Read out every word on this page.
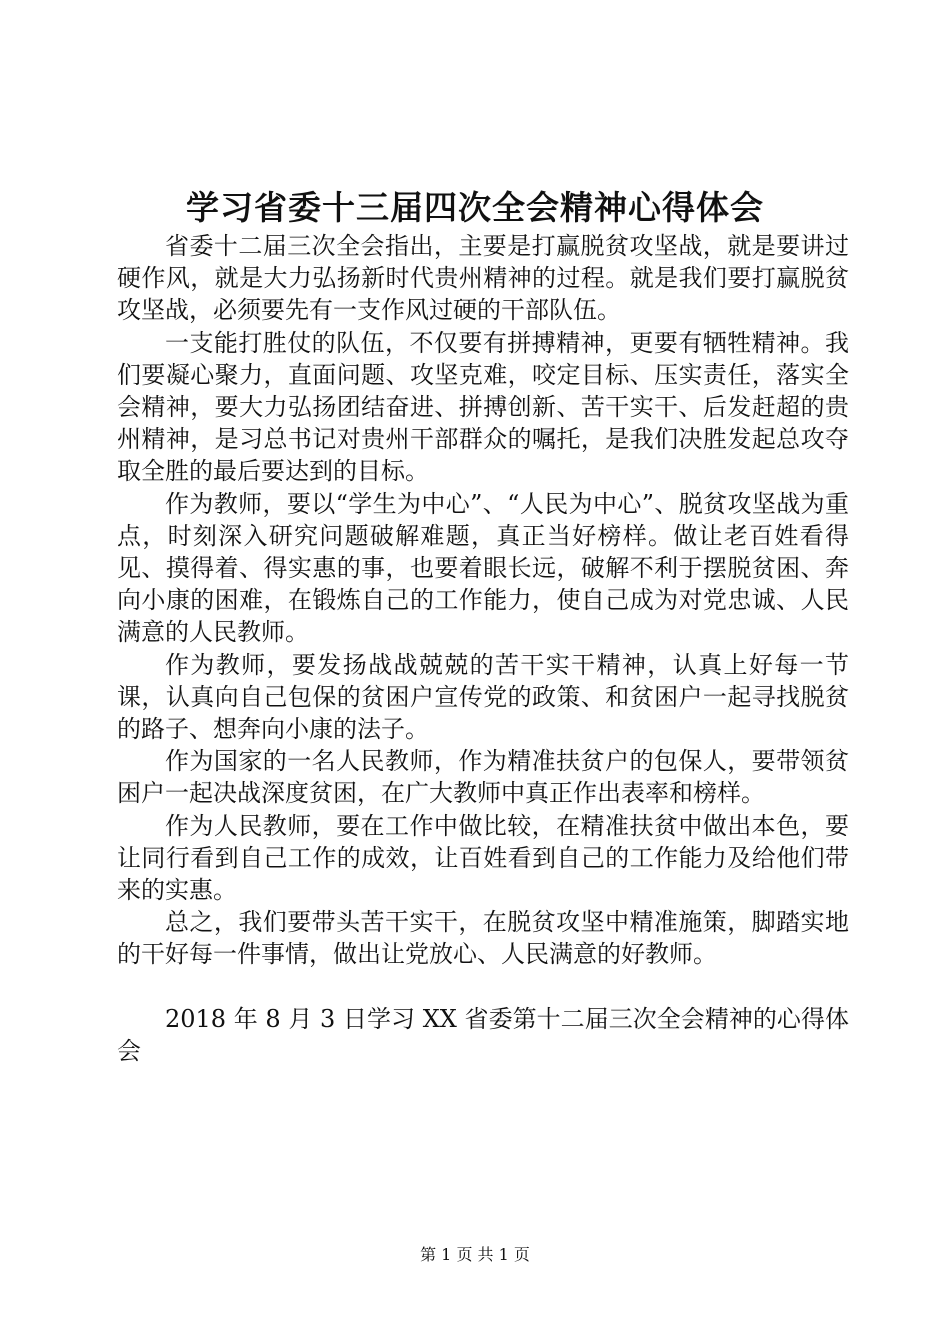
学习省委十三届四次全会精神心得体会

省委十二届三次全会指出，主要是打赢脱贫攻坚战，就是要讲过硬作风，就是大力弘扬新时代贵州精神的过程。就是我们要打赢脱贫攻坚战，必须要先有一支作风过硬的干部队伍。

一支能打胜仗的队伍，不仅要有拼搏精神，更要有牺牲精神。我们要凝心聚力，直面问题、攻坚克难，咬定目标、压实责任，落实全会精神，要大力弘扬团结奋进、拼搏创新、苦干实干、后发赶超的贵州精神，是习总书记对贵州干部群众的嘱托，是我们决胜发起总攻夺取全胜的最后要达到的目标。

作为教师，要以“学生为中心”、“人民为中心”、脱贫攻坚战为重点，时刻深入研究问题破解难题，真正当好榜样。做让老百姓看得见、摸得着、得实惠的事，也要着眼长远，破解不利于摆脱贫困、奔向小康的困难，在锻炼自己的工作能力，使自己成为对党忠诚、人民满意的人民教师。

作为教师，要发扬战战兢兢的苦干实干精神，认真上好每一节课，认真向自己包保的贫困户宣传党的政策、和贫困户一起寻找脱贫的路子、想奔向小康的法子。

作为国家的一名人民教师，作为精准扶贫户的包保人，要带领贫困户一起决战深度贫困，在广大教师中真正作出表率和榜样。

作为人民教师，要在工作中做比较，在精准扶贫中做出本色，要让同行看到自己工作的成效，让百姓看到自己的工作能力及给他们带来的实惠。

总之，我们要带头苦干实干，在脱贫攻坚中精准施策，脚踏实地的干好每一件事情，做出让党放心、人民满意的好教师。

2018 年 8 月 3 日学习 XX 省委第十二届三次全会精神的心得体会

第 1 页 共 1 页
